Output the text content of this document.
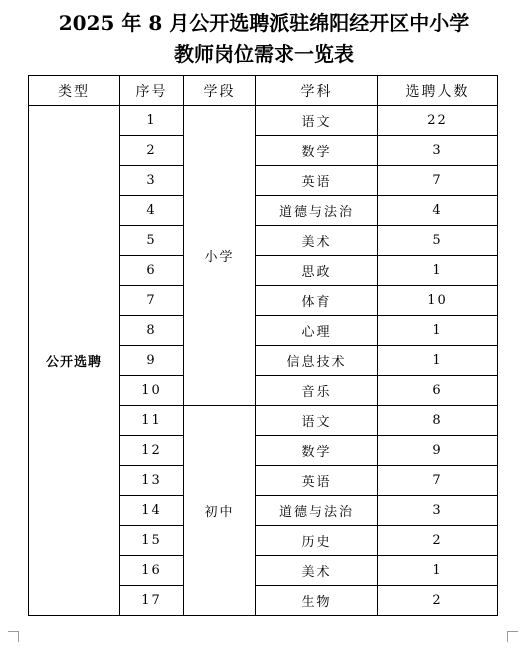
2025 年 8 月公开选聘派驻绵阳经开区中小学
教师岗位需求一览表
类型	序号	学段	学科	选聘人数
公开选聘	1	小学	语文	22
	2		数学	3
	3		英语	7
	4		道德与法治	4
	5		美术	5
	6		思政	1
	7		体育	10
	8		心理	1
	9		信息技术	1
	10		音乐	6
	11	初中	语文	8
	12		数学	9
	13		英语	7
	14		道德与法治	3
	15		历史	2
	16		美术	1
	17		生物	2
